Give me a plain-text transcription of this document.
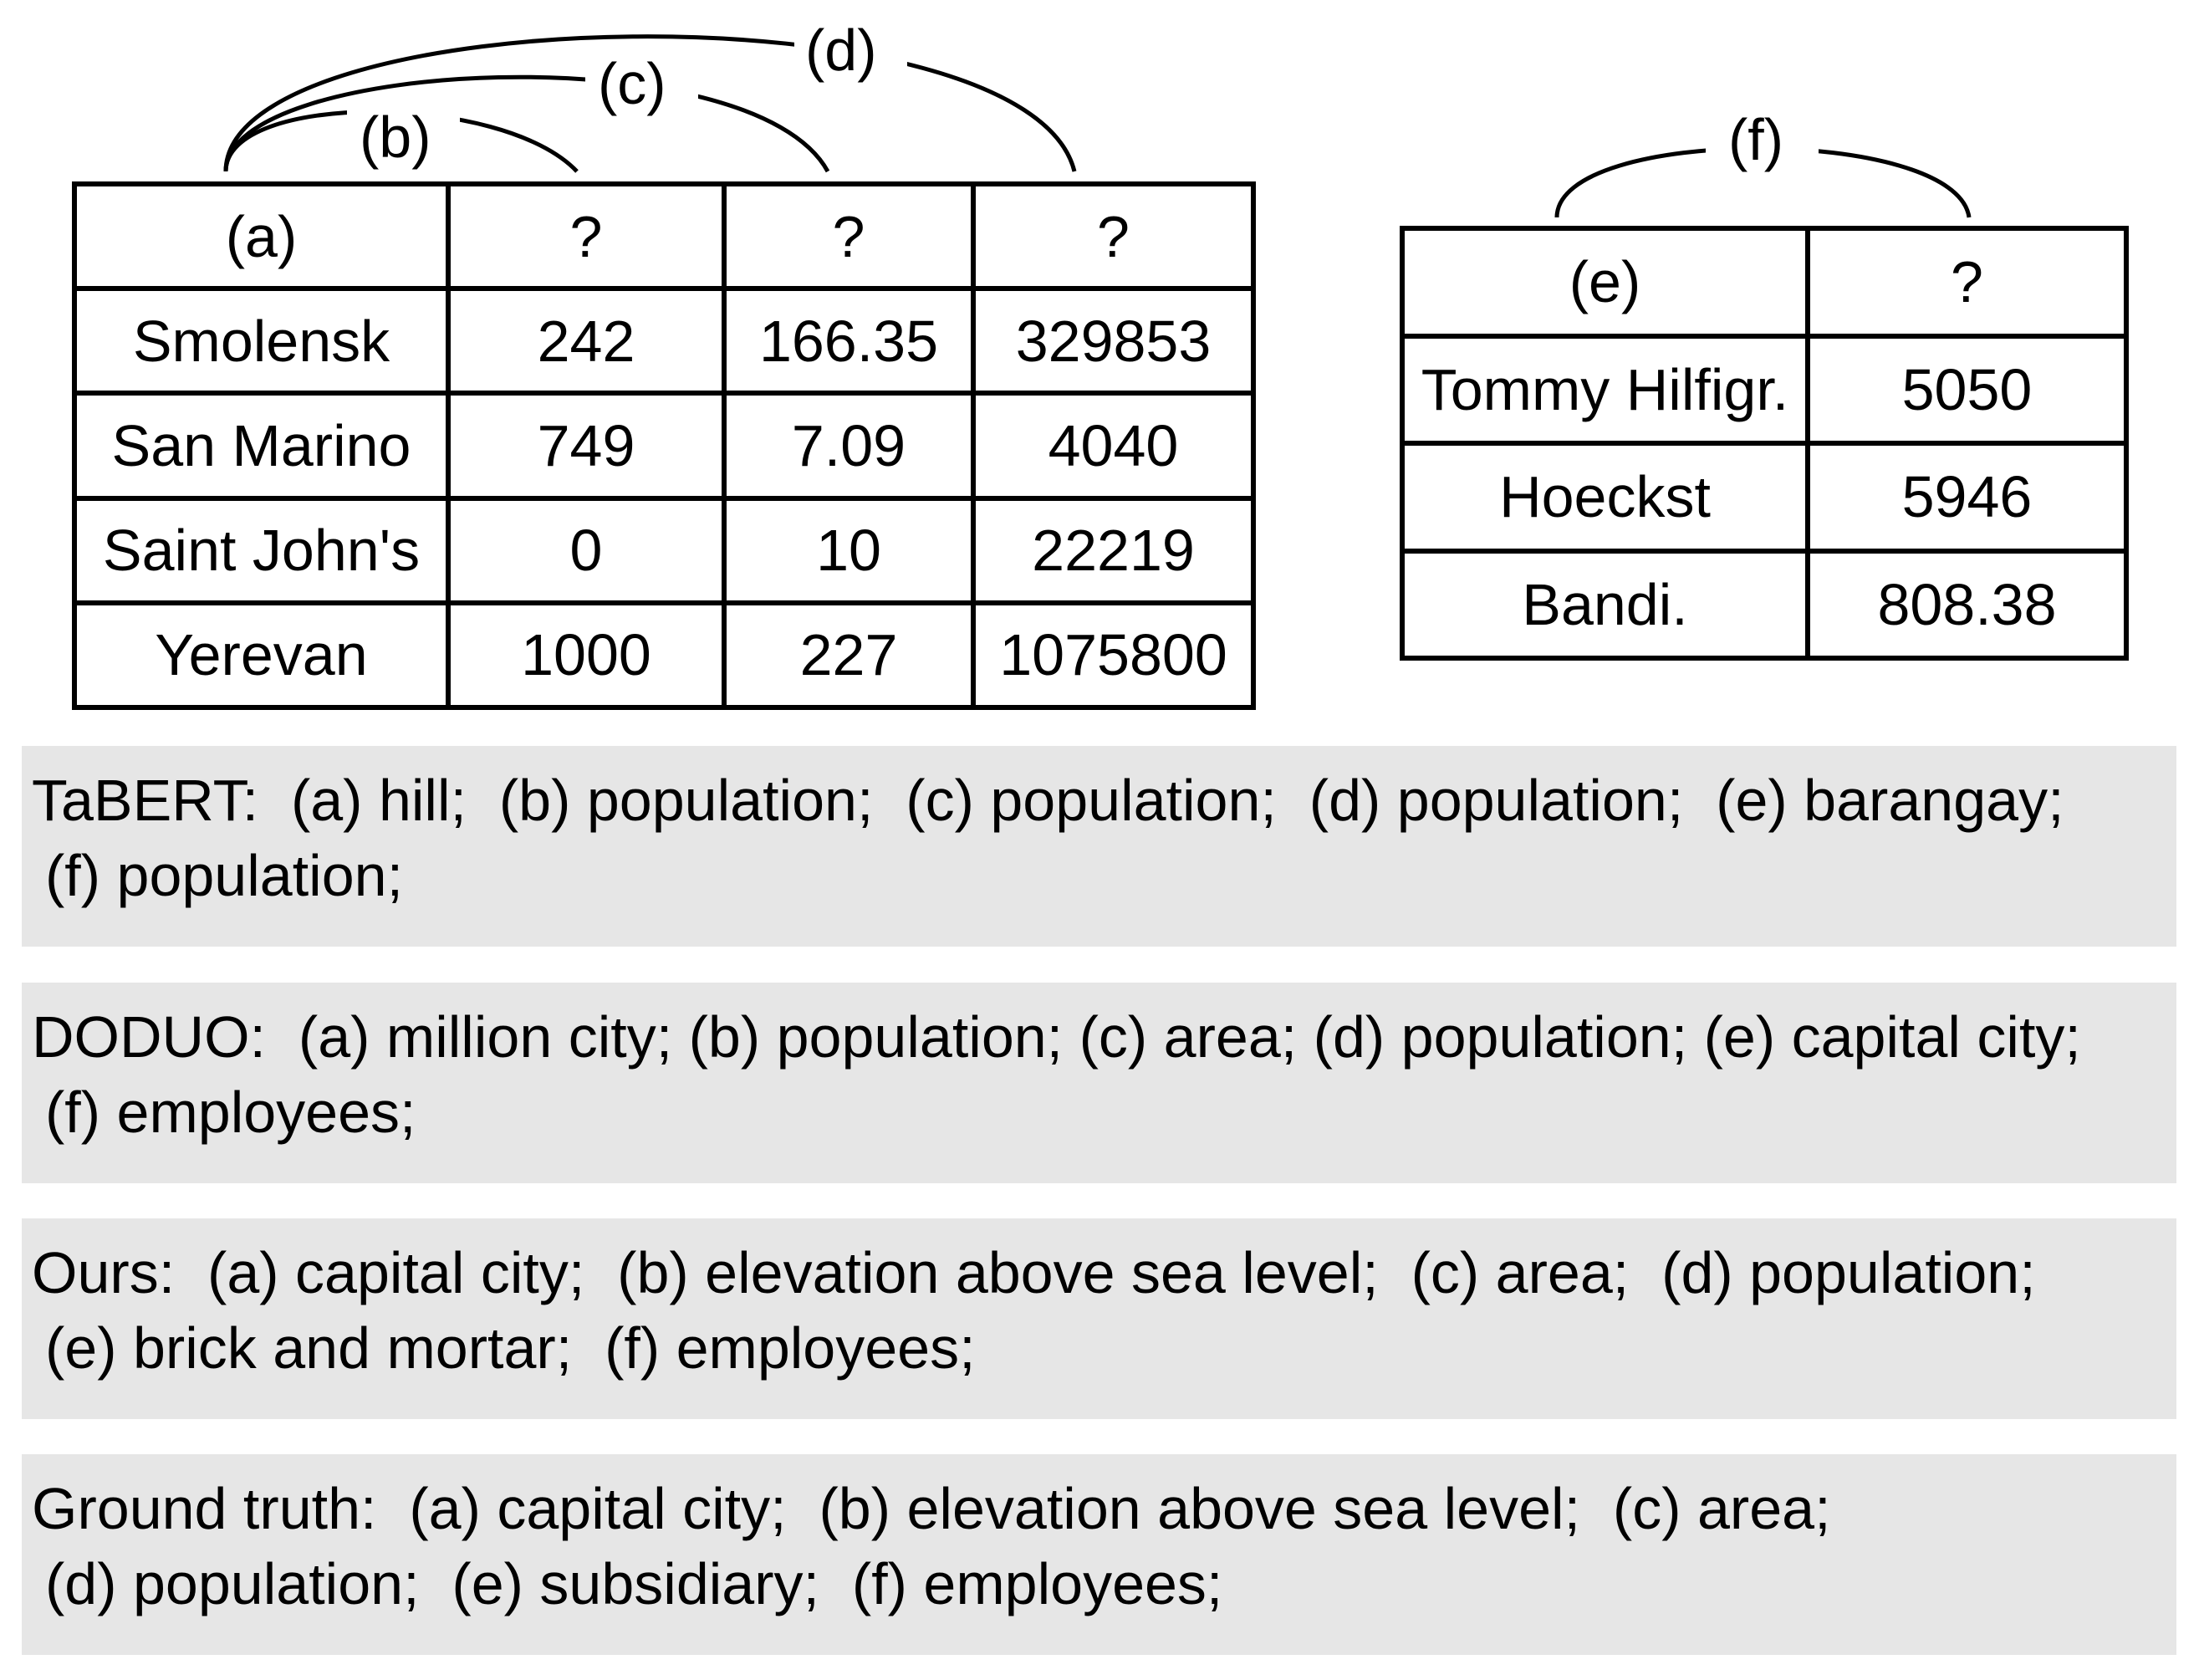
(b)
(c)
(d)
(f)
(a)	?	?	?
Smolensk	242	166.35	329853
San Marino	749	7.09	4040
Saint John's	0	10	22219
Yerevan	1000	227	1075800
(e)	?
Tommy Hilfigr.	5050
Hoeckst	5946
Bandi.	808.38
TaBERT:  (a) hill;  (b) population;  (c) population;  (d) population;  (e) barangay;
(f) population;
DODUO:  (a) million city; (b) population; (c) area; (d) population; (e) capital city;
(f) employees;
Ours:  (a) capital city;  (b) elevation above sea level;  (c) area;  (d) population;
(e) brick and mortar;  (f) employees;
Ground truth:  (a) capital city;  (b) elevation above sea level;  (c) area;
(d) population;  (e) subsidiary;  (f) employees;
